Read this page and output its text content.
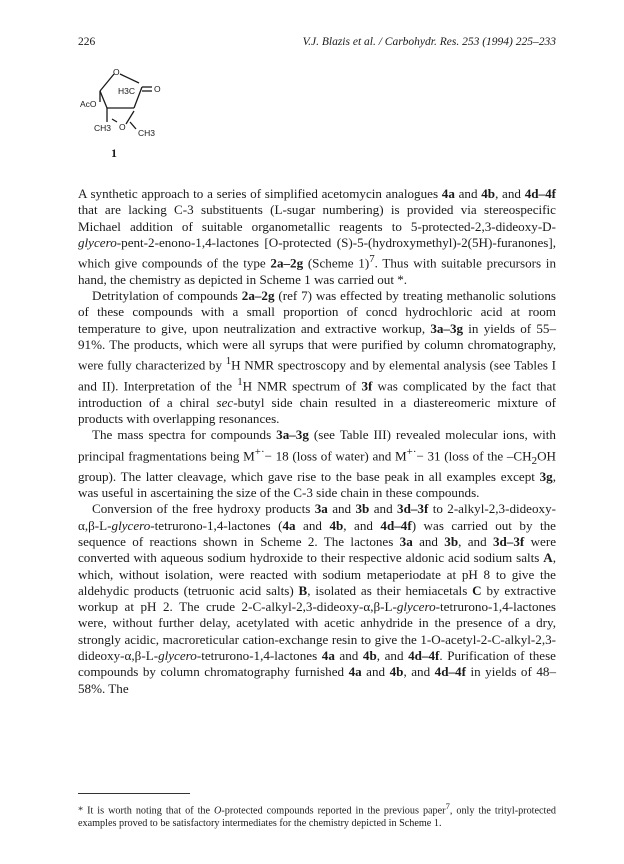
226	V.J. Blazis et al. / Carbohydr. Res. 253 (1994) 225–233
O
O
H3C
AcO
CH3 O
CH3
1

A synthetic approach to a series of simplified acetomycin analogues 4a and 4b, and 4d–4f that are lacking C-3 substituents (L-sugar numbering) is provided via stereospecific Michael addition of suitable organometallic reagents to 5-protected-2,3-dideoxy-D-glycero-pent-2-enono-1,4-lactones [O-protected (S)-5-(hydroxymethyl)-2(5H)-furanones], which give compounds of the type 2a–2g (Scheme 1)$^7$. Thus with suitable precursors in hand, the chemistry as depicted in Scheme 1 was carried out *.

Detritylation of compounds 2a–2g (ref 7) was effected by treating methanolic solutions of these compounds with a small proportion of concd hydrochloric acid at room temperature to give, upon neutralization and extractive workup, 3a–3g in yields of 55–91%. The products, which were all syrups that were purified by column chromatography, were fully characterized by $^1$H NMR spectroscopy and by elemental analysis (see Tables I and II). Interpretation of the $^1$H NMR spectrum of 3f was complicated by the fact that introduction of a chiral sec-butyl side chain resulted in a diastereomeric mixture of products with overlapping resonances.

The mass spectra for compounds 3a–3g (see Table III) revealed molecular ions, with principal fragmentations being M+·− 18 (loss of water) and M+·− 31 (loss of the $-CH_2OH$ group). The latter cleavage, which gave rise to the base peak in all examples except 3g, was useful in ascertaining the size of the C-3 side chain in these compounds.

Conversion of the free hydroxy products 3a and 3b and 3d–3f to 2-alkyl-2,3-dideoxy-α,β-L-glycero-tetrurono-1,4-lactones (4a and 4b, and 4d–4f) was carried out by the sequence of reactions shown in Scheme 2. The lactones 3a and 3b, and 3d–3f were converted with aqueous sodium hydroxide to their respective aldonic acid sodium salts A, which, without isolation, were reacted with sodium metaperiodate at pH 8 to give the aldehydic products (tetruonic acid salts) B, isolated as their hemiacetals C by extractive workup at pH 2. The crude 2-C-alkyl-2,3-dideoxy-α,β-L-glycero-tetrurono-1,4-lactones were, without further delay, acetylated with acetic anhydride in the presence of a dry, strongly acidic, macroreticular cation-exchange resin to give the 1-O-acetyl-2-C-alkyl-2,3-dideoxy-α,β-L-glycero-tetrurono-1,4-lactones 4a and 4b, and 4d–4f. Purification of these compounds by column chromatography furnished 4a and 4b, and 4d–4f in yields of 48–58%. The

* It is worth noting that of the O-protected compounds reported in the previous paper$^7$, only the trityl-protected examples proved to be satisfactory intermediates for the chemistry depicted in Scheme 1.
